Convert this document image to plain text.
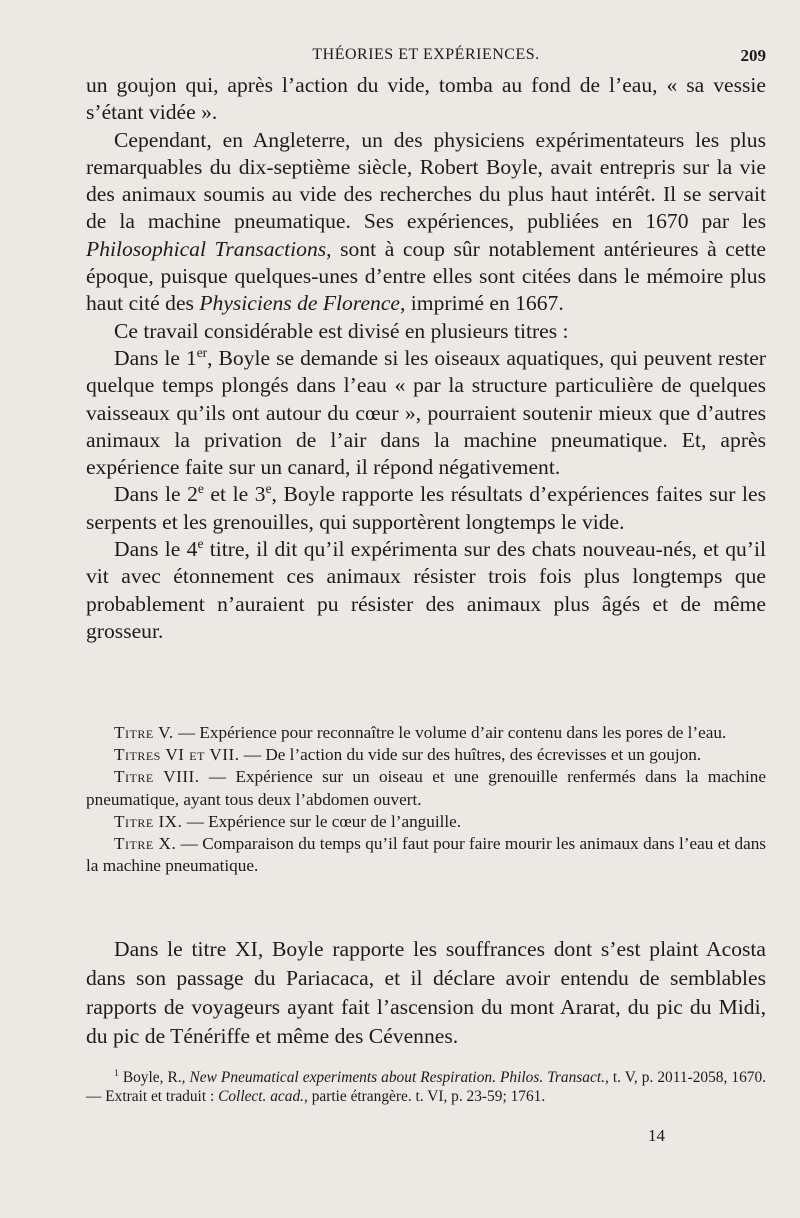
THÉORIES ET EXPÉRIENCES.	209

un goujon qui, après l’action du vide, tomba au fond de l’eau, « sa vessie s’étant vidée ».

Cependant, en Angleterre, un des physiciens expérimentateurs les plus remarquables du dix-septième siècle, Robert Boyle, avait entrepris sur la vie des animaux soumis au vide des recherches du plus haut intérêt. Il se servait de la machine pneumatique. Ses expériences, publiées en 1670 par les Philosophical Transactions, sont à coup sûr notablement antérieures à cette époque, puisque quelques-unes d’entre elles sont citées dans le mémoire plus haut cité des Physiciens de Florence, imprimé en 1667.

Ce travail considérable est divisé en plusieurs titres :

Dans le 1er, Boyle se demande si les oiseaux aquatiques, qui peuvent rester quelque temps plongés dans l’eau « par la structure particulière de quelques vaisseaux qu’ils ont autour du cœur », pourraient soutenir mieux que d’autres animaux la privation de l’air dans la machine pneumatique. Et, après expérience faite sur un canard, il répond négativement.

Dans le 2e et le 3e, Boyle rapporte les résultats d’expériences faites sur les serpents et les grenouilles, qui supportèrent longtemps le vide.

Dans le 4e titre, il dit qu’il expérimenta sur des chats nouveau-nés, et qu’il vit avec étonnement ces animaux résister trois fois plus longtemps que probablement n’auraient pu résister des animaux plus âgés et de même grosseur.

Titre V. — Expérience pour reconnaître le volume d’air contenu dans les pores de l’eau.

Titres VI et VII. — De l’action du vide sur des huîtres, des écrevisses et un goujon.

Titre VIII. — Expérience sur un oiseau et une grenouille renfermés dans la machine pneumatique, ayant tous deux l’abdomen ouvert.

Titre IX. — Expérience sur le cœur de l’anguille.

Titre X. — Comparaison du temps qu’il faut pour faire mourir les animaux dans l’eau et dans la machine pneumatique.

Dans le titre XI, Boyle rapporte les souffrances dont s’est plaint Acosta dans son passage du Pariacaca, et il déclare avoir entendu de semblables rapports de voyageurs ayant fait l’ascension du mont Ararat, du pic du Midi, du pic de Ténériffe et même des Cévennes.

$^1$ Boyle, R., New Pneumatical experiments about Respiration. Philos. Transact., t. V, p. 2011-2058, 1670. — Extrait et traduit : Collect. acad., partie étrangère. t. VI, p. 23-59; 1761.

14
